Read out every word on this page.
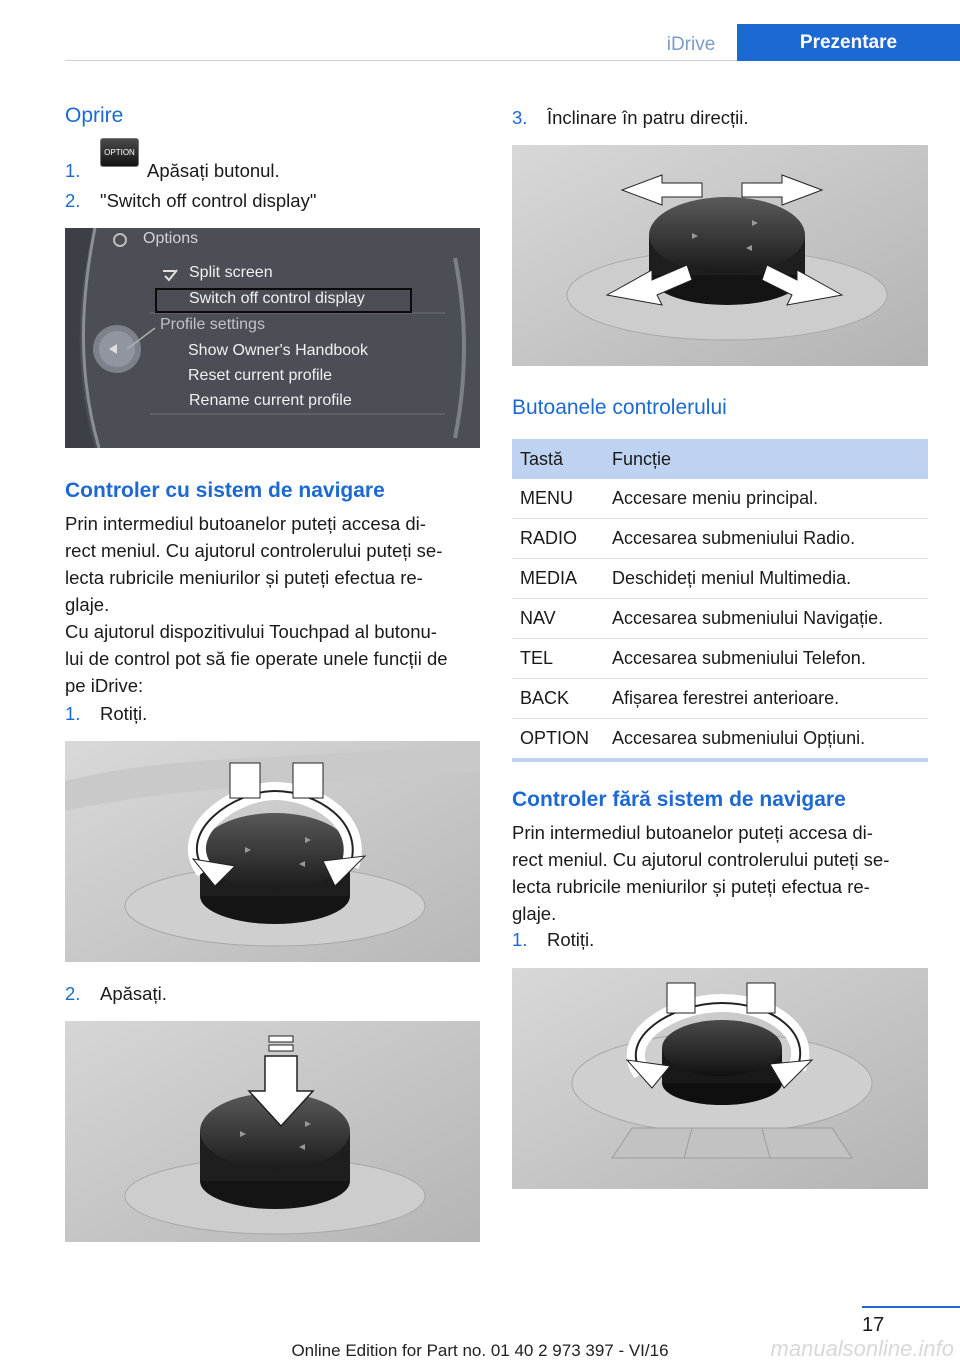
iDrive	Prezentare
Oprire
1.
OPTION
Apăsați butonul.
2. "Switch off control display"
Options
Split screen
Switch off control display
Profile settings
Show Owner's Handbook
Reset current profile
Rename current profile
Controler cu sistem de navigare
Prin intermediul butoanelor puteți accesa di-
rect meniul. Cu ajutorul controlerului puteți se-
lecta rubricile meniurilor și puteți efectua re-
glaje.
Cu ajutorul dispozitivului Touchpad al butonu-
lui de control pot să fie operate unele funcții de
pe iDrive:
1. Rotiți.
2. Apăsați.
3. Înclinare în patru direcții.
Butoanele controlerului
Tastă	Funcție
MENU	Accesare meniu principal.
RADIO	Accesarea submeniului Radio.
MEDIA	Deschideți meniul Multimedia.
NAV	Accesarea submeniului Navigație.
TEL	Accesarea submeniului Telefon.
BACK	Afișarea ferestrei anterioare.
OPTION	Accesarea submeniului Opțiuni.
Controler fără sistem de navigare
Prin intermediul butoanelor puteți accesa di-
rect meniul. Cu ajutorul controlerului puteți se-
lecta rubricile meniurilor și puteți efectua re-
glaje.
1. Rotiți.
17
Online Edition for Part no. 01 40 2 973 397 - VI/16	manualsonline.info
